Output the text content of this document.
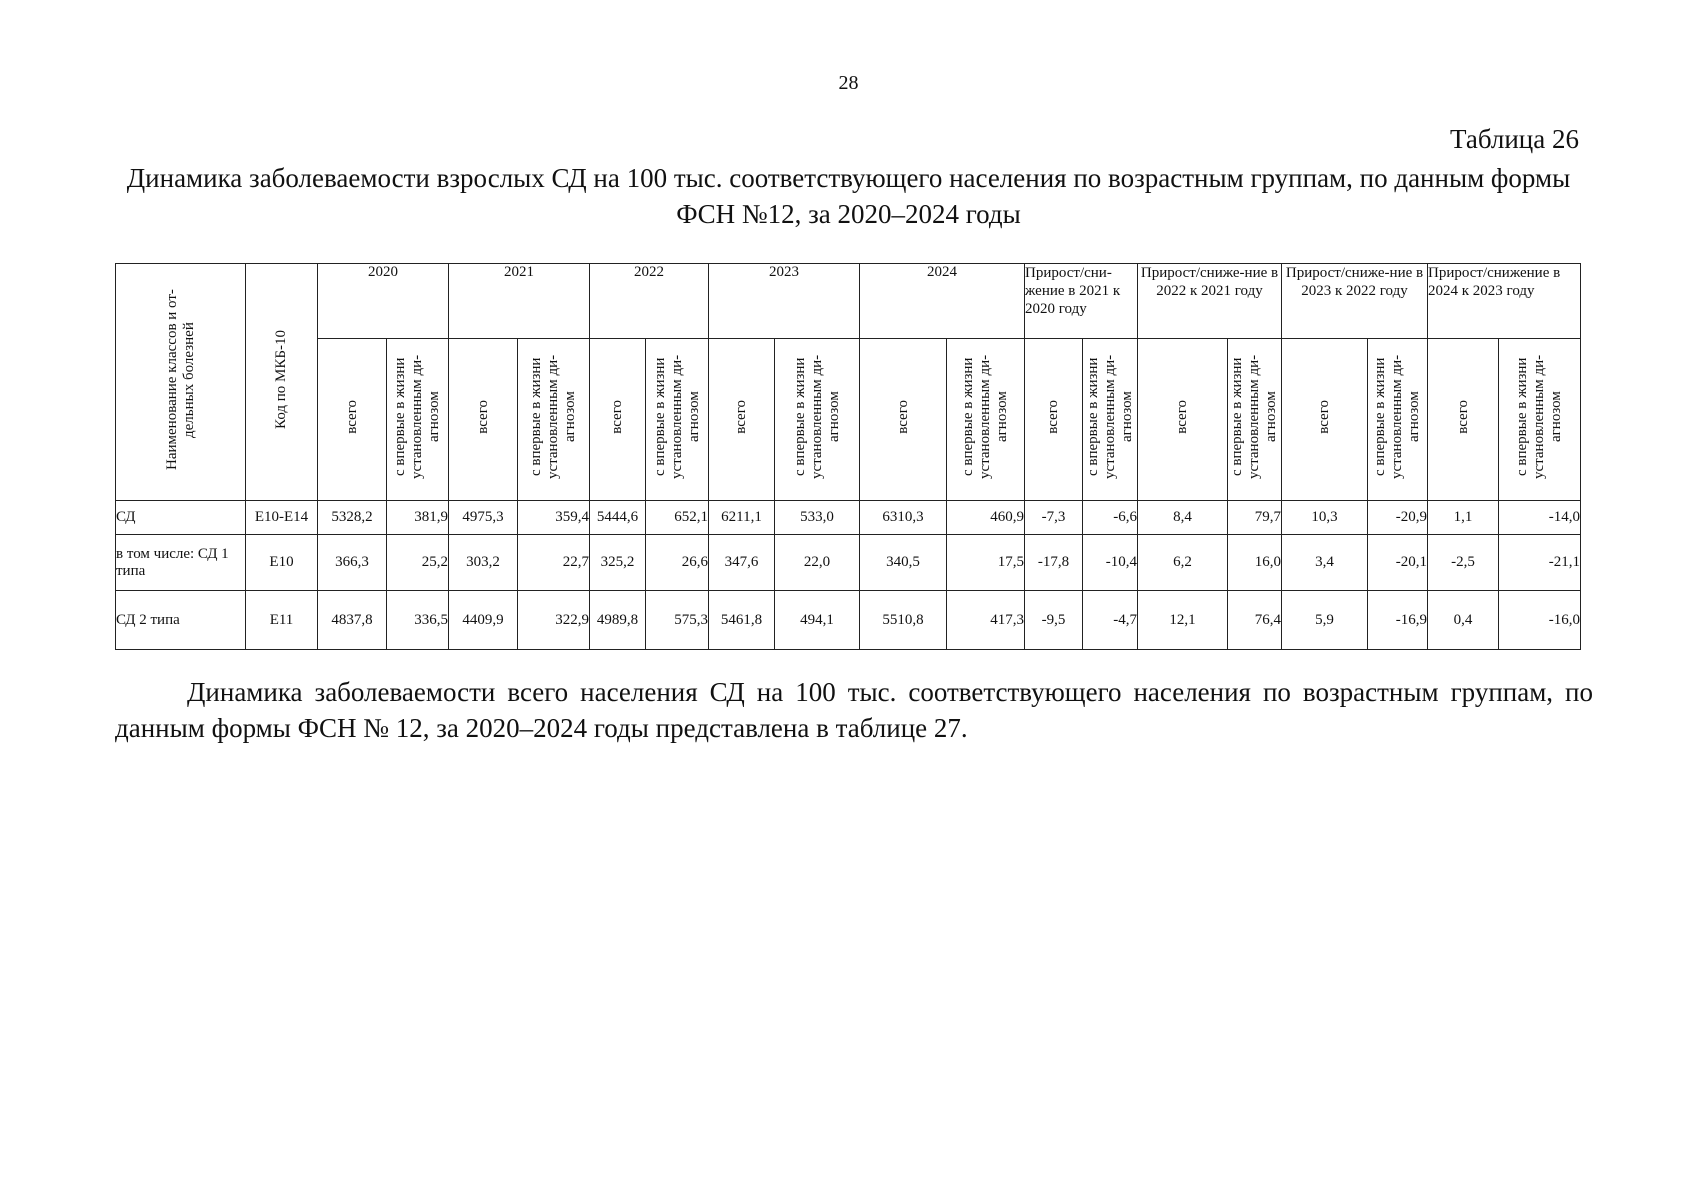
28
Таблица 26
Динамика заболеваемости взрослых СД на 100 тыс. соответствующего населения по возрастным группам, по данным формы ФСН №12, за 2020–2024 годы
Наименование классов и от-дельных болезней	Код по МКБ-10	2020		2021		2022		2023		2024		Прирост/сни-жение в 2021 к 2020 году		Прирост/сниже-ние в 2022 к 2021 году		Прирост/сниже-ние в 2023 к 2022 году		Прирост/снижение в 2024 к 2023 году	
		всего	с впервые в жизни установленным ди-агнозом	всего	с впервые в жизни установленным ди-агнозом	всего	с впервые в жизни установленным ди-агнозом	всего	с впервые в жизни установленным ди-агнозом	всего	с впервые в жизни установленным ди-агнозом	всего	с впервые в жизни установленным ди-агнозом	всего	с впервые в жизни установленным ди-агнозом	всего	с впервые в жизни установленным ди-агнозом	всего	с впервые в жизни установленным ди-агнозом
СД	Е10-Е14	5328,2	381,9	4975,3	359,4	5444,6	652,1	6211,1	533,0	6310,3	460,9	-7,3	-6,6	8,4	79,7	10,3	-20,9	1,1	-14,0
в том числе: СД 1 типа	Е10	366,3	25,2	303,2	22,7	325,2	26,6	347,6	22,0	340,5	17,5	-17,8	-10,4	6,2	16,0	3,4	-20,1	-2,5	-21,1
СД 2 типа	Е11	4837,8	336,5	4409,9	322,9	4989,8	575,3	5461,8	494,1	5510,8	417,3	-9,5	-4,7	12,1	76,4	5,9	-16,9	0,4	-16,0
Динамика заболеваемости всего населения СД на 100 тыс. соответствующего населения по возрастным группам, по данным формы ФСН № 12, за 2020–2024 годы представлена в таблице 27.
